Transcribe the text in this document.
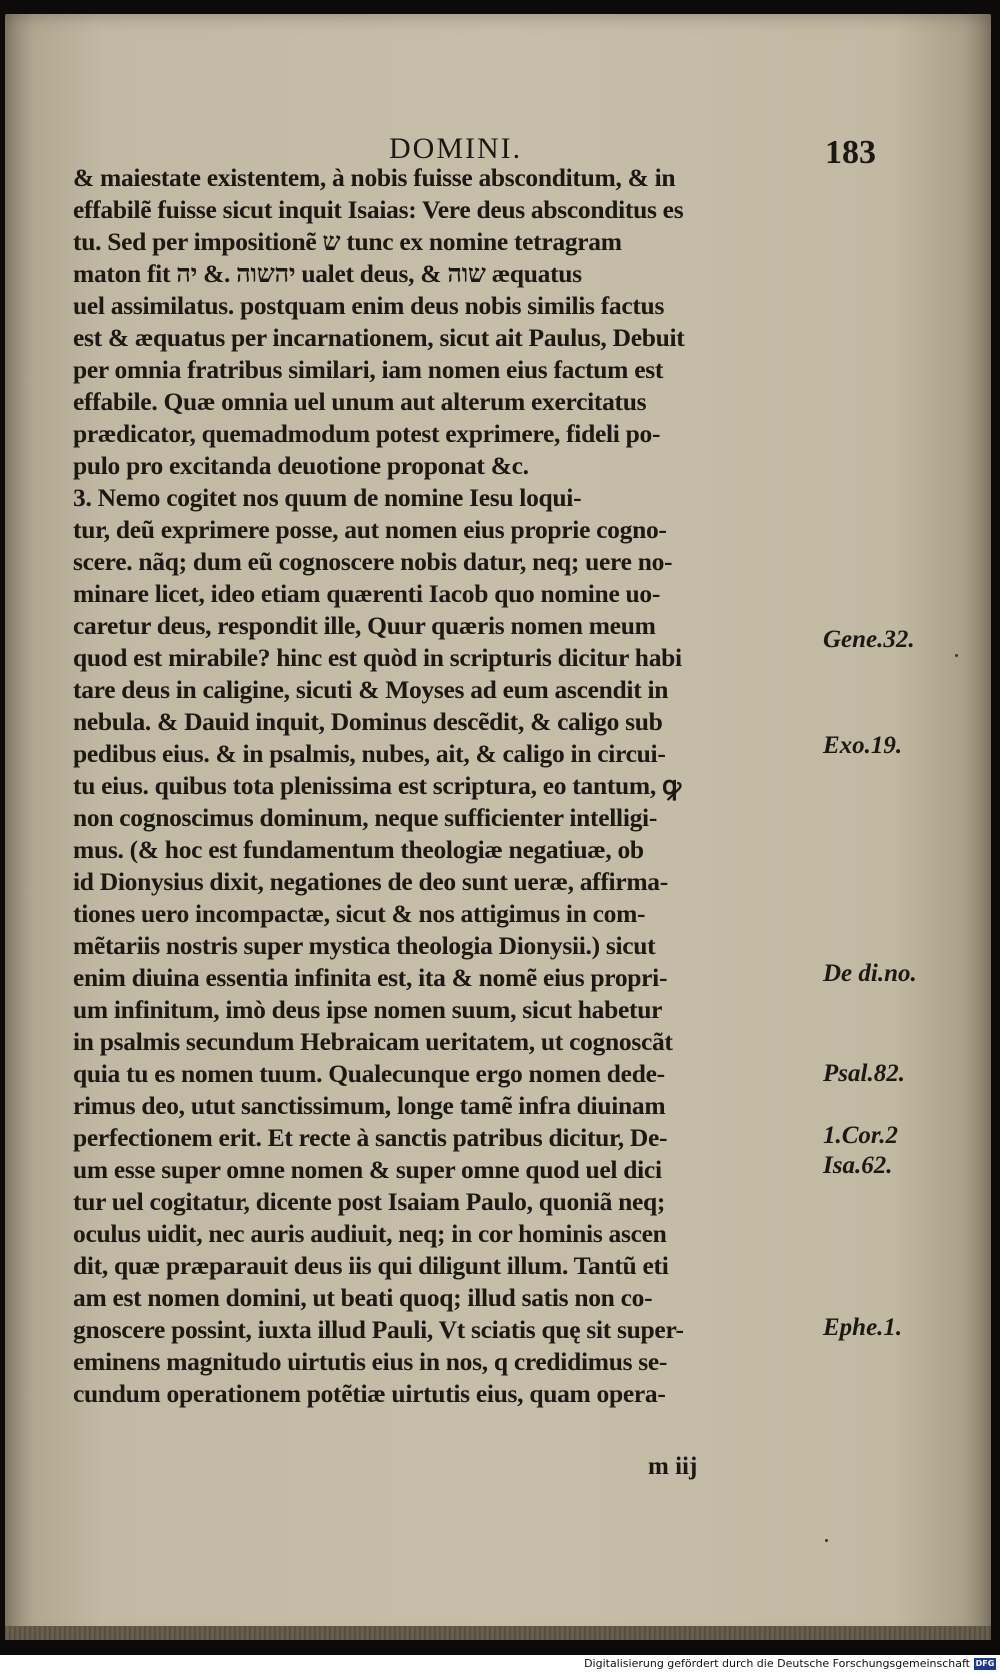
DOMINI.	183
& maiestate existentem, à nobis fuisse absconditum, & in
effabilẽ fuisse sicut inquit Isaias: Vere deus absconditus es
tu. Sed per impositionẽ ש tunc ex nomine tetragram
maton fit יהשוה .& יה ualet deus, & שוה æquatus
uel assimilatus. postquam enim deus nobis similis factus
est & æquatus per incarnationem, sicut ait Paulus, Debuit
per omnia fratribus similari, iam nomen eius factum est
effabile. Quæ omnia uel unum aut alterum exercitatus
prædicator, quemadmodum potest exprimere, fideli po-
pulo pro excitanda deuotione proponat &c.
3. Nemo cogitet nos quum de nomine Iesu loqui-
tur, deũ exprimere posse, aut nomen eius proprie cogno-
scere. nãq; dum eũ cognoscere nobis datur, neq; uere no-
minare licet, ideo etiam quærenti Iacob quo nomine uo-
caretur deus, respondit ille, Quur quæris nomen meum
quod est mirabile? hinc est quòd in scripturis dicitur habi
tare deus in caligine, sicuti & Moyses ad eum ascendit in
nebula. & Dauid inquit, Dominus descẽdit, & caligo sub
pedibus eius. & in psalmis, nubes, ait, & caligo in circui-
tu eius. quibus tota plenissima est scriptura, eo tantum, ꝙ
non cognoscimus dominum, neque sufficienter intelligi-
mus. (& hoc est fundamentum theologiæ negatiuæ, ob
id Dionysius dixit, negationes de deo sunt ueræ, affirma-
tiones uero incompactæ, sicut & nos attigimus in com-
mẽtariis nostris super mystica theologia Dionysii.) sicut
enim diuina essentia infinita est, ita & nomẽ eius propri-
um infinitum, imò deus ipse nomen suum, sicut habetur
in psalmis secundum Hebraicam ueritatem, ut cognoscãt
quia tu es nomen tuum. Qualecunque ergo nomen dede-
rimus deo, utut sanctissimum, longe tamẽ infra diuinam
perfectionem erit. Et recte à sanctis patribus dicitur, De-
um esse super omne nomen & super omne quod uel dici
tur uel cogitatur, dicente post Isaiam Paulo, quoniã neq;
oculus uidit, nec auris audiuit, neq; in cor hominis ascen
dit, quæ præparauit deus iis qui diligunt illum. Tantũ eti
am est nomen domini, ut beati quoq; illud satis non co-
gnoscere possint, iuxta illud Pauli, Vt sciatis quę sit super-
eminens magnitudo uirtutis eius in nos, q credidimus se-
cundum operationem potẽtiæ uirtutis eius, quam opera-
Gene.32.
Exo.19.
De di.no.
Psal.82.
1.Cor.2
Isa.62.
Ephe.1.
m iij
Digitalisierung gefördert durch die Deutsche Forschungsgemeinschaft DFG
